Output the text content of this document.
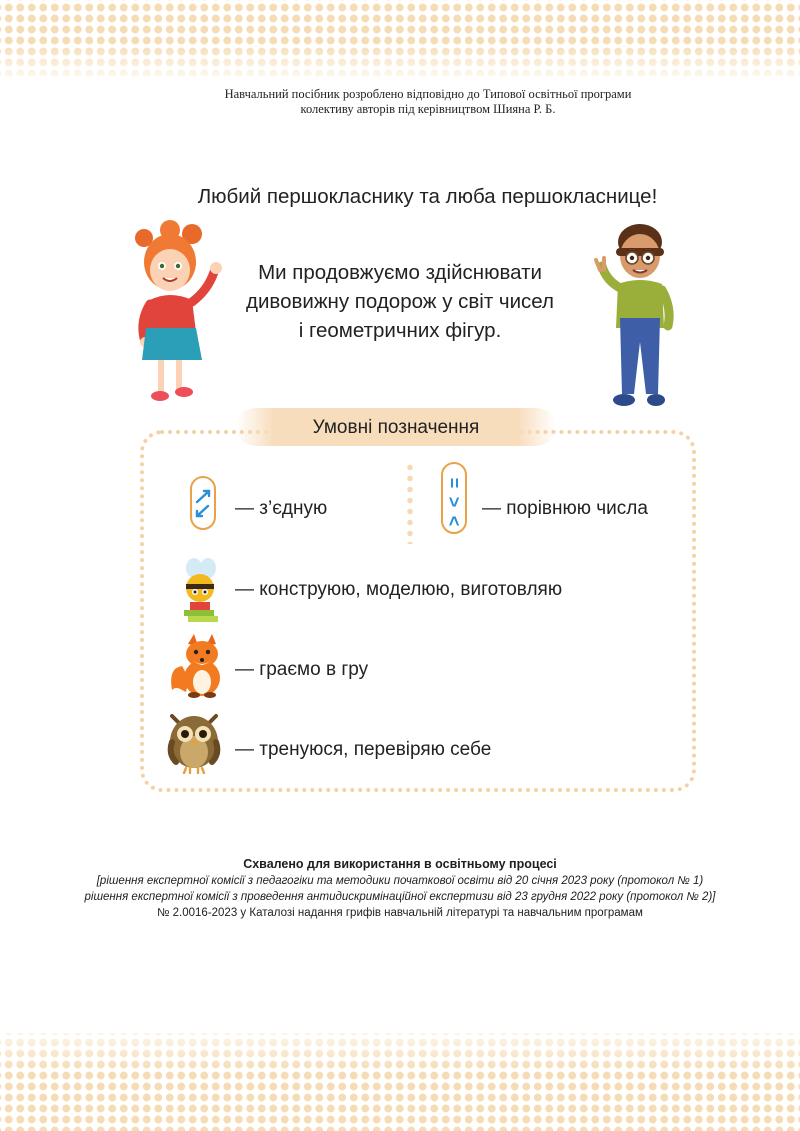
Навчальний посібник розроблено відповідно до Типової освітньої програми
колективу авторів під керівництвом Шияна Р. Б.
Любий першокласнику та люба першокласнице!
Ми продовжуємо здійснювати
дивовижну подорож у світ чисел
і геометричних фігур.
Умовні позначення
— з’єдную
=
>
<
— порівнюю числа
— конструюю, моделюю, виготовляю
— граємо в гру
— тренуюся, перевіряю себе
Схвалено для використання в освітньому процесі
[рішення експертної комісії з педагогіки та методики початкової освіти від 20 січня 2023 року (протокол № 1)
рішення експертної комісії з проведення антидискримінаційної експертизи від 23 грудня 2022 року (протокол № 2)]
№ 2.0016-2023 у Каталозі надання грифів навчальній літературі та навчальним програмам
